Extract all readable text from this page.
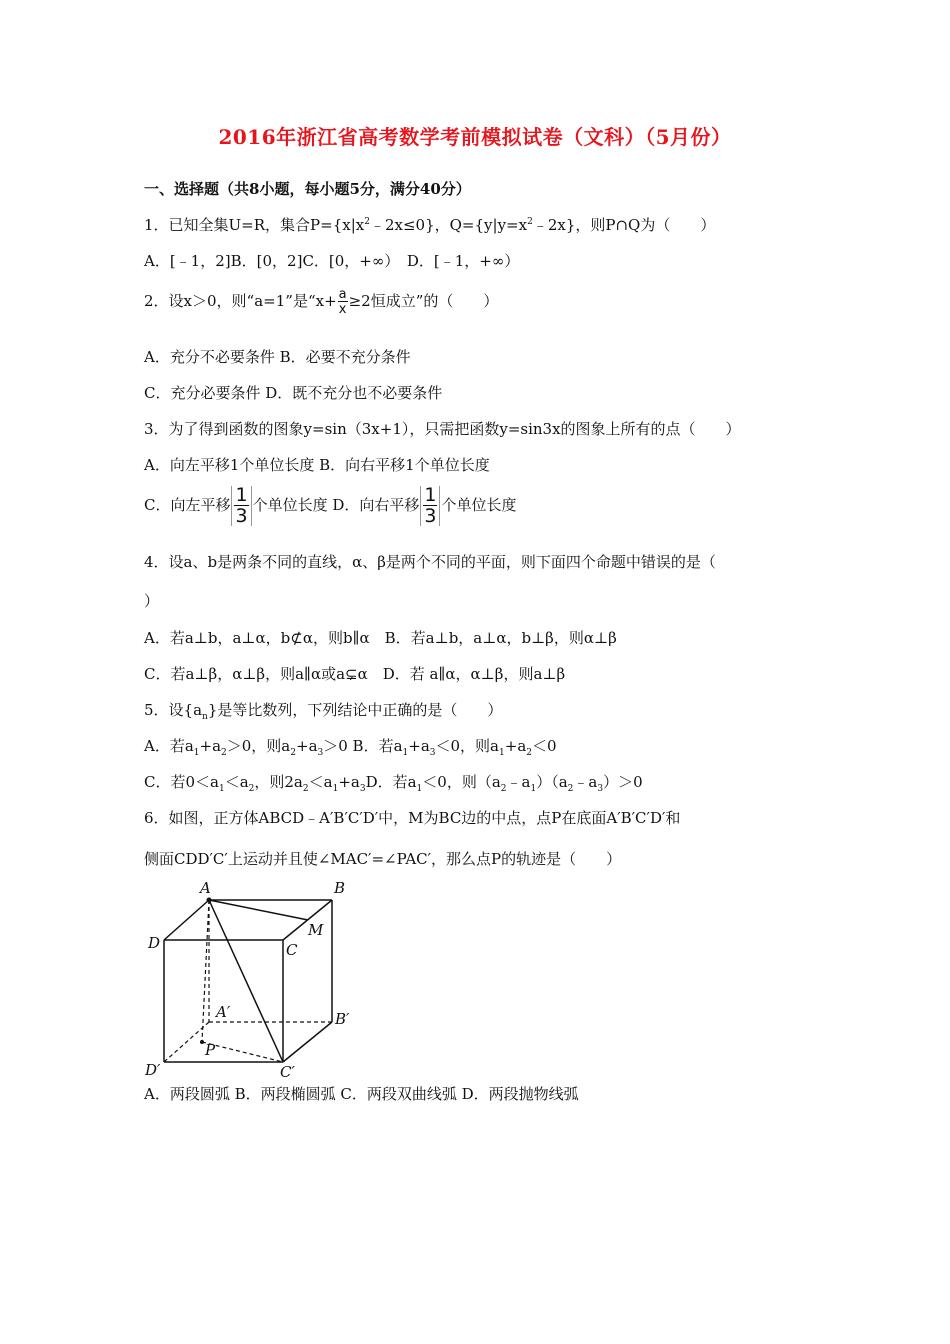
2016年浙江省高考数学考前模拟试卷（文科）（5月份）
一、选择题（共8小题，每小题5分，满分40分）
1．已知全集U=R，集合$P=\{x|x^2﹣2x\le 0\}$，$Q=\{y|y=x^2﹣2x\}$，则P∩Q为（　　）
A．[﹣1，2]B．[0，2]C．[0，+∞）　D．[﹣1，+∞）
2．设x＞0，则“a=1”是“$x+ \frac{a}{x} \ge 2$恒成立”的（　　）
A．充分不必要条件 B．必要不充分条件
C．充分必要条件 D．既不充分也不必要条件
3．为了得到函数的图象y=sin（3x+1），只需把函数y=sin3x的图象上所有的点（　　）
A．向左平移1个单位长度 B．向右平移1个单位长度
C．向左平移 $\frac{1}{3}$ 个单位长度 D．向右平移 $\frac{1}{3}$ 个单位长度
4．设a、b是两条不同的直线，α、β是两个不同的平面，则下面四个命题中错误的是（
）
A．若a⊥b，a⊥α，b⊄α，则b∥α　B．若a⊥b，a⊥α，b⊥β，则α⊥β
C．若a⊥β，α⊥β，则a∥α或a⊊α　D．若 a∥α，α⊥β，则a⊥β
5．设$\{a_n\}$是等比数列，下列结论中正确的是（　　）
A．若$a_1+a_2>0$，则$a_2+a_3>0$ B．若$a_1+a_3<0$，则$a_1+a_2<0$
C．若$0<a_1<a_2$，则$2a_2<a_1+a_3D$．若$a_1<0$，则$(a_2﹣a_1)(a_2﹣a_3)>0$
6．如图，正方体ABCD﹣A′B′C′D′中，M为BC边的中点，点P在底面A′B′C′D′和
侧面CDD′C′上运动并且使∠MAC′=∠PAC′，那么点P的轨迹是（　　）
A	B
M
D	C
A′	B′
P
D′	C′
A．两段圆弧 B．两段椭圆弧 C．两段双曲线弧 D．两段抛物线弧
